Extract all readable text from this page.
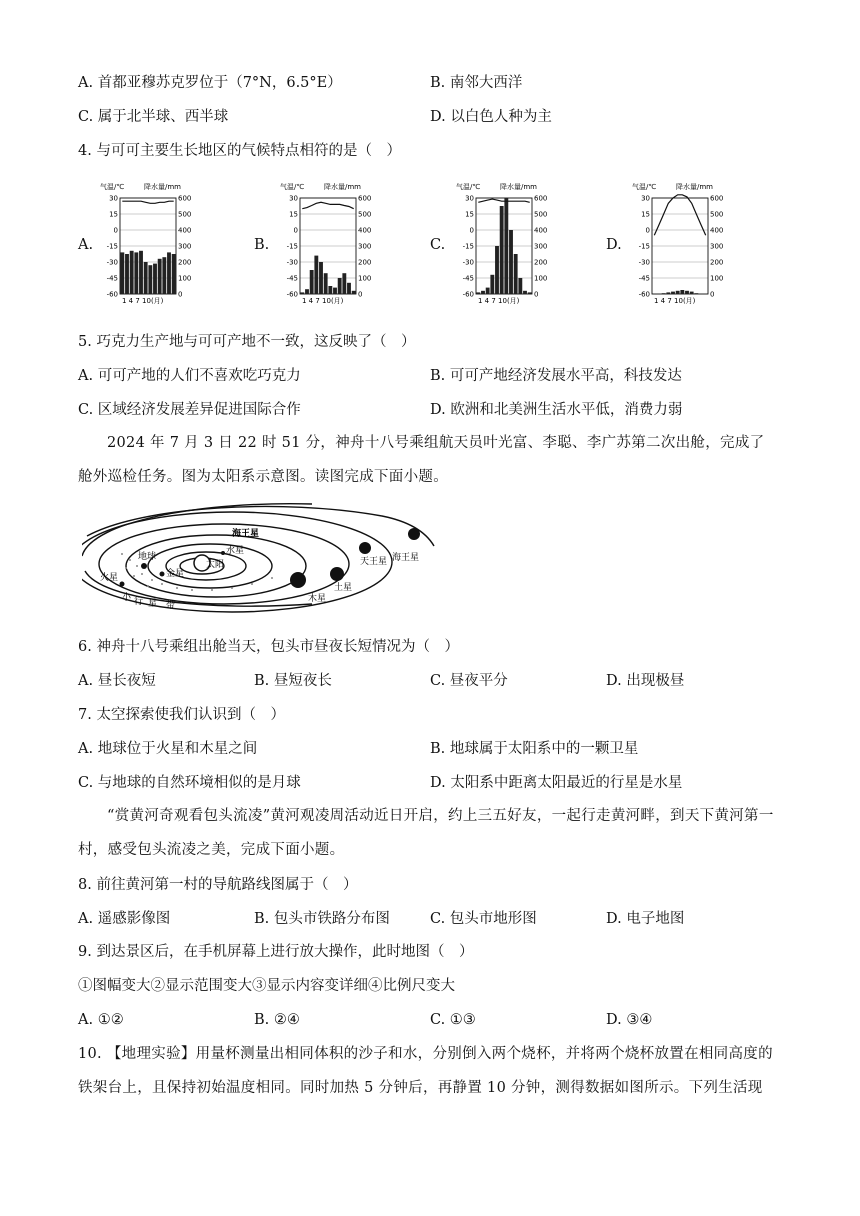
A. 首都亚穆苏克罗位于（7°N，6.5°E）	B. 南邻大西洋
C. 属于北半球、西半球	D. 以白色人种为主
4. 与可可主要生长地区的气候特点相符的是（　）
A.	B.	C.	D.
气温/℃	降水量/mm
30	600
15	500
0	400
-15	300
-30	200
-45	100
-60	0
1 4 7 10(月)
气温/℃	降水量/mm
30	600
15	500
0	400
-15	300
-30	200
-45	100
-60	0
1 4 7 10(月)
气温/℃	降水量/mm
30	600
15	500
0	400
-15	300
-30	200
-45	100
-60	0
1 4 7 10(月)
气温/℃	降水量/mm
30	600
15	500
0	400
-15	300
-30	200
-45	100
-60	0
1 4 7 10(月)
5. 巧克力生产地与可可产地不一致，这反映了（　）
A. 可可产地的人们不喜欢吃巧克力	B. 可可产地经济发展水平高，科技发达
C. 区域经济发展差异促进国际合作	D. 欧洲和北美洲生活水平低，消费力弱
2024 年 7 月 3 日 22 时 51 分，神舟十八号乘组航天员叶光富、李聪、李广苏第二次出舱，完成了舱外巡检任务。图为太阳系示意图。读图完成下面小题。
太阳
水星
金星
地球
火星
木星
土星
天王星 海王星
小 行 星 带
海王星
6. 神舟十八号乘组出舱当天，包头市昼夜长短情况为（　）
A. 昼长夜短	B. 昼短夜长	C. 昼夜平分	D. 出现极昼
7. 太空探索使我们认识到（　）
A. 地球位于火星和木星之间	B. 地球属于太阳系中的一颗卫星
C. 与地球的自然环境相似的是月球	D. 太阳系中距离太阳最近的行星是水星
“赏黄河奇观看包头流凌”黄河观凌周活动近日开启，约上三五好友，一起行走黄河畔，到天下黄河第一村，感受包头流凌之美，完成下面小题。
8. 前往黄河第一村的导航路线图属于（　）
A. 遥感影像图	B. 包头市铁路分布图	C. 包头市地形图	D. 电子地图
9. 到达景区后，在手机屏幕上进行放大操作，此时地图（　）
①图幅变大②显示范围变大③显示内容变详细④比例尺变大
A. ①②	B. ②④	C. ①③	D. ③④
10. 【地理实验】用量杯测量出相同体积的沙子和水，分别倒入两个烧杯，并将两个烧杯放置在相同高度的铁架台上，且保持初始温度相同。同时加热 5 分钟后，再静置 10 分钟，测得数据如图所示。下列生活现
